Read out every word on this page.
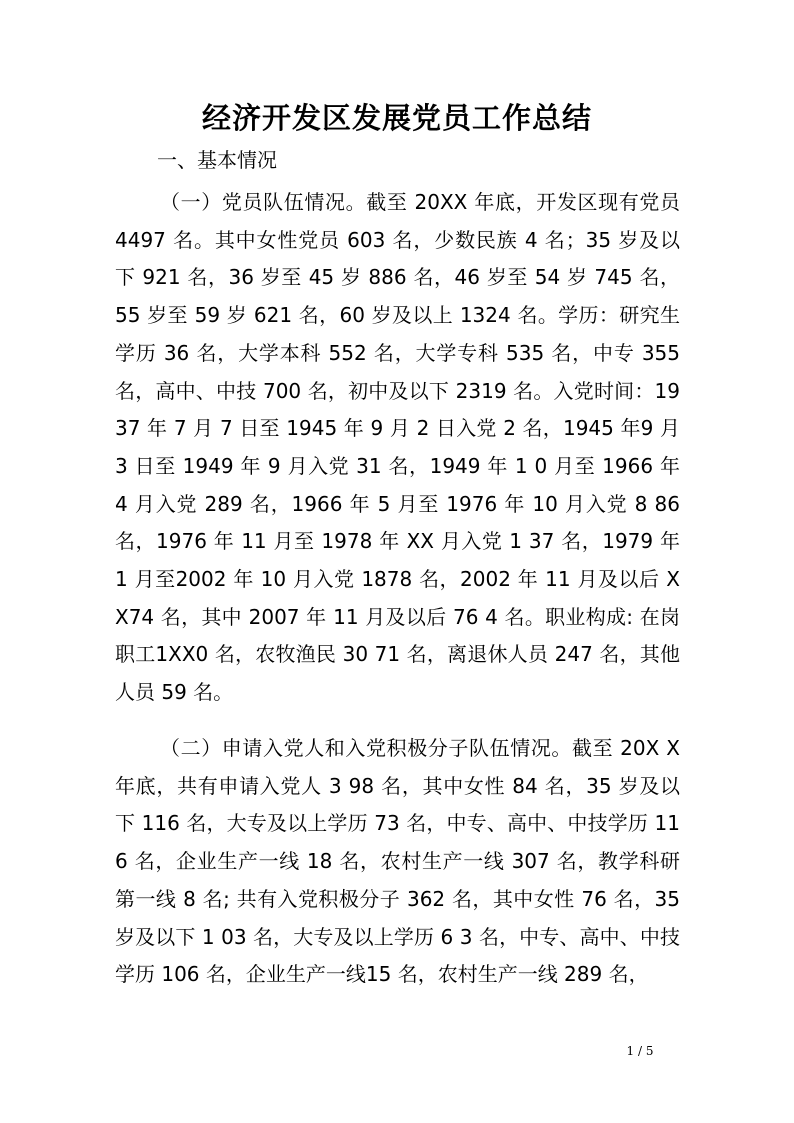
经济开发区发展党员工作总结

一、基本情况

（一）党员队伍情况。截至 20XX 年底，开发区现有党员 4497 名。其中女性党员 603 名，少数民族 4 名；35 岁及以下 921 名，36 岁至 45 岁 886 名，46 岁至 54 岁 745 名，55 岁至 59 岁 621 名，60 岁及以上 1324 名。学历：研究生学历 36 名，大学本科 552 名，大学专科 535 名，中专 355 名，高中、中技 700 名，初中及以下 2319 名。入党时间：1937 年 7 月 7 日至 1945 年 9 月 2 日入党 2 名，1945 年9 月 3 日至 1949 年 9 月入党 31 名，1949 年 1 0 月至 1966 年 4 月入党 289 名，1966 年 5 月至 1976 年 10 月入党 8 86 名，1976 年 11 月至 1978 年 XX 月入党 1 37 名，1979 年 1 月至2002 年 10 月入党 1878 名，2002 年 11 月及以后 XX74 名，其中 2007 年 11 月及以后 76 4 名。职业构成: 在岗职工1XX0 名，农牧渔民 30 71 名，离退休人员 247 名，其他人员 59 名。

（二）申请入党人和入党积极分子队伍情况。截至 20X X 年底，共有申请入党人 3 98 名，其中女性 84 名，35 岁及以下 116 名，大专及以上学历 73 名，中专、高中、中技学历 116 名，企业生产一线 18 名，农村生产一线 307 名，教学科研第一线 8 名; 共有入党积极分子 362 名，其中女性 76 名，35 岁及以下 1 03 名，大专及以上学历 6 3 名，中专、高中、中技学历 106 名，企业生产一线15 名，农村生产一线 289 名，

1 / 5
